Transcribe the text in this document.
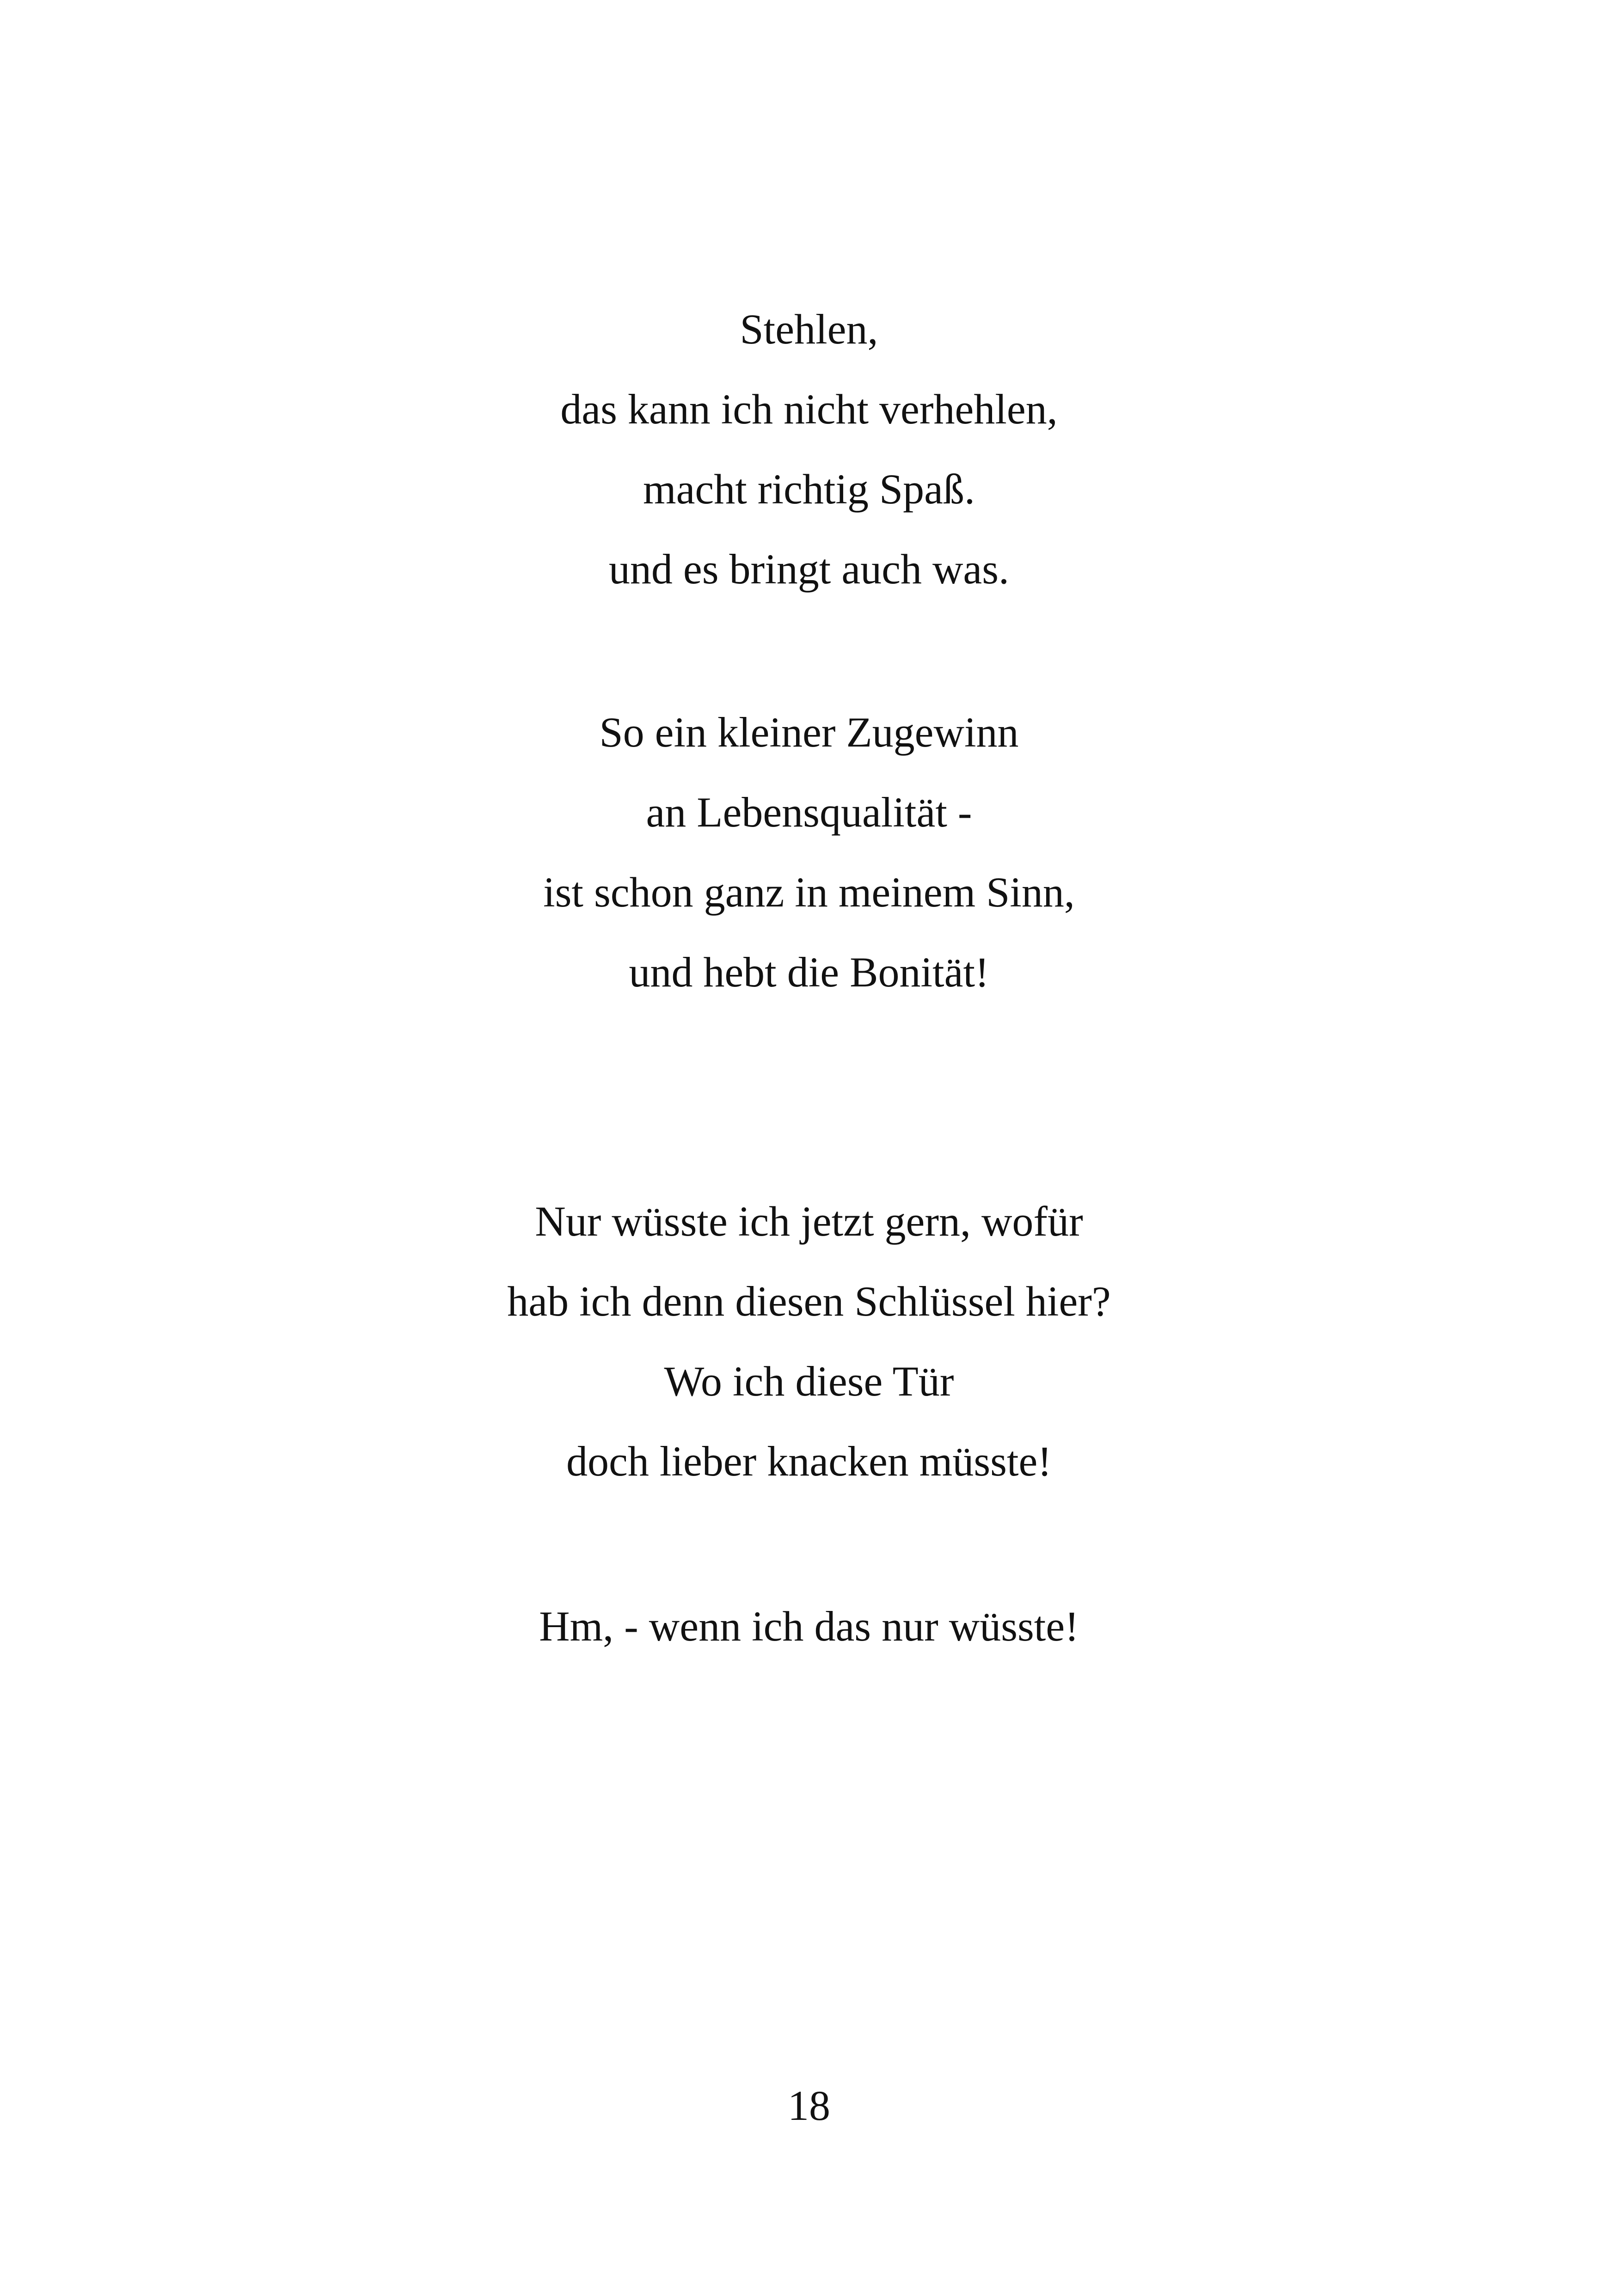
Stehlen,
das kann ich nicht verhehlen,
macht richtig Spaß.
und es bringt auch was.
So ein kleiner Zugewinn
an Lebensqualität -
ist schon ganz in meinem Sinn,
und hebt die Bonität!
Nur wüsste ich jetzt gern, wofür
hab ich denn diesen Schlüssel hier?
Wo ich diese Tür
doch lieber knacken müsste!
Hm, - wenn ich das nur wüsste!
18
